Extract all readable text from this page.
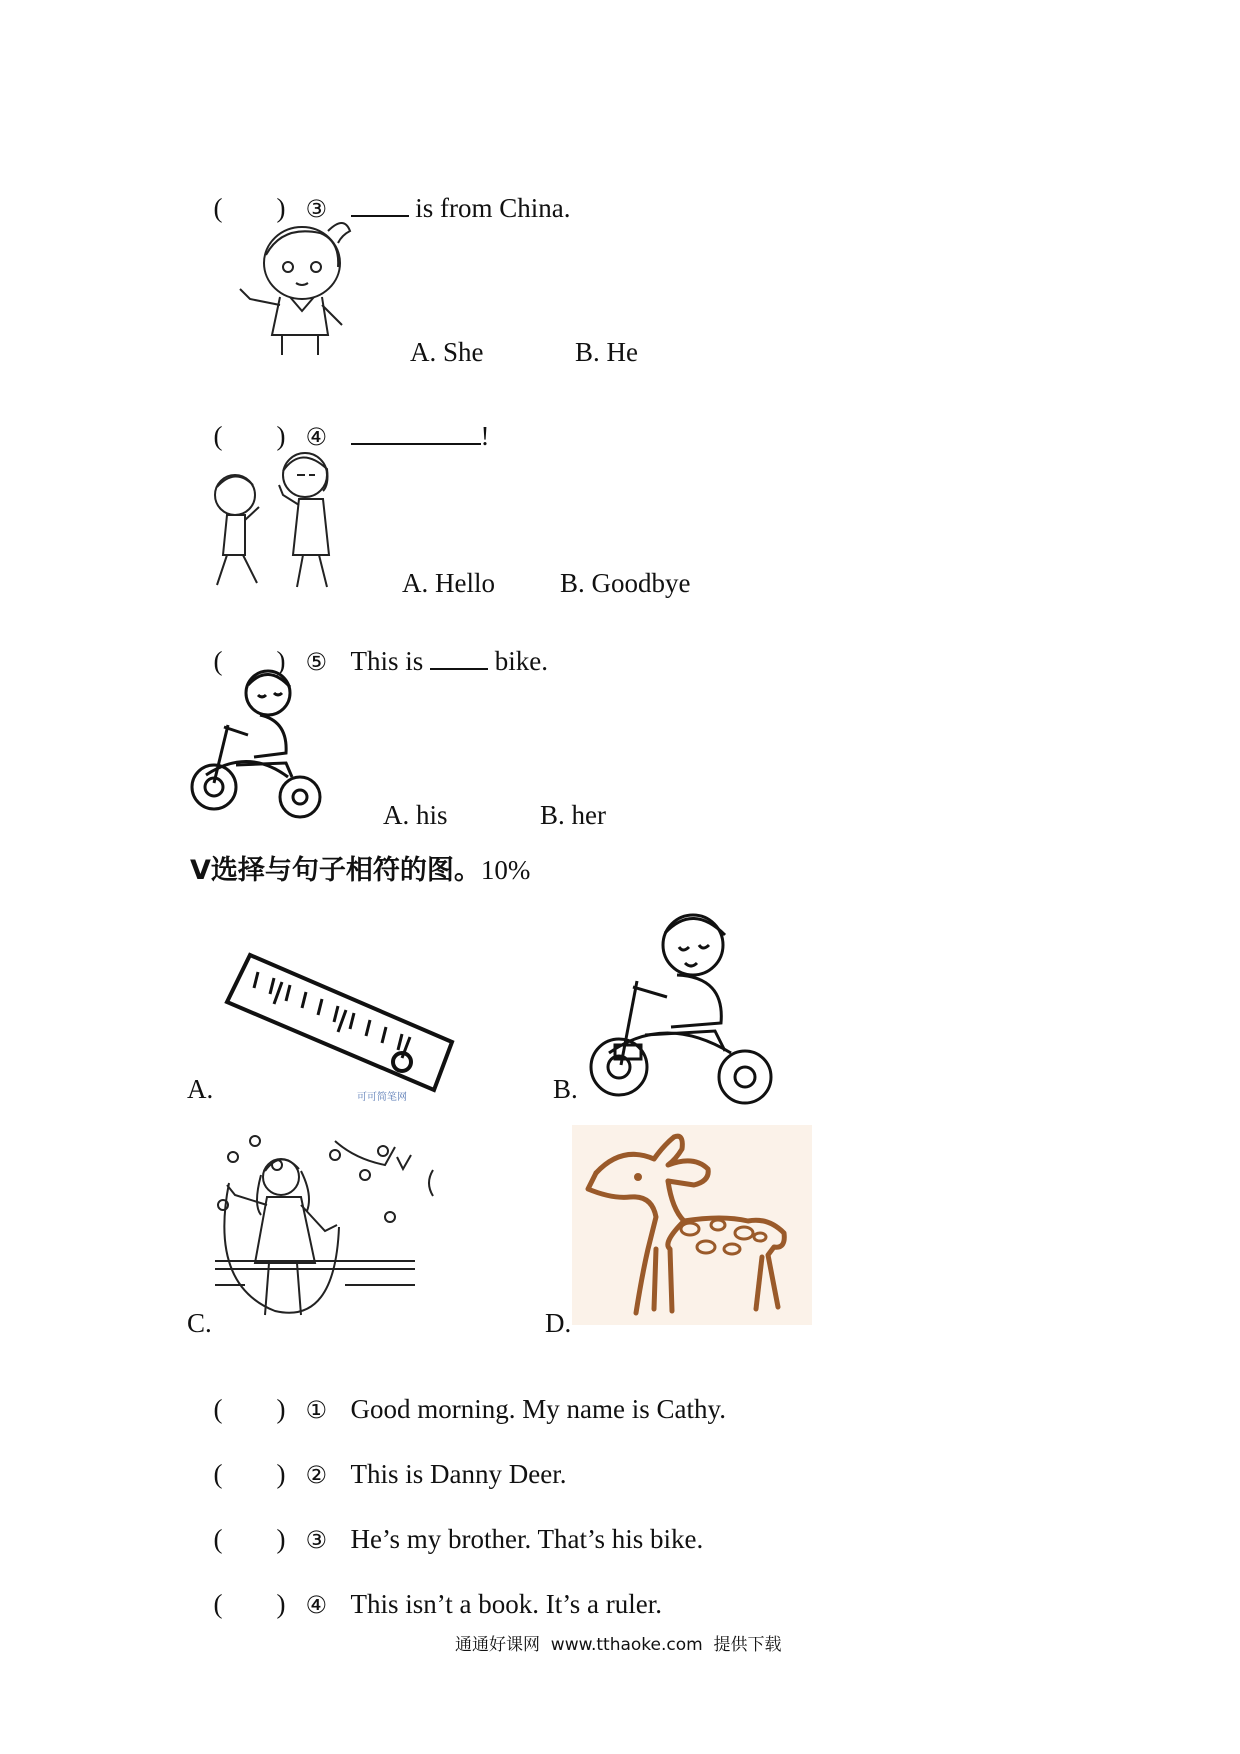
(　　) ③	is from China.

A. She	B. He

(　　) ④	!

A. Hello B. Goodbye

(　　) ⑤ This is  bike.

A. his	B. her
V选择与句子相符的图。10%
可可简笔网
A.	B.
C.	D.

(　　) ① Good morning. My name is Cathy.

(　　) ② This is Danny Deer.

(　　) ③ He’s my brother. That’s his bike.

(　　) ④ This isn’t a book. It’s a ruler.

通通好课网  www.tthaoke.com  提供下载
